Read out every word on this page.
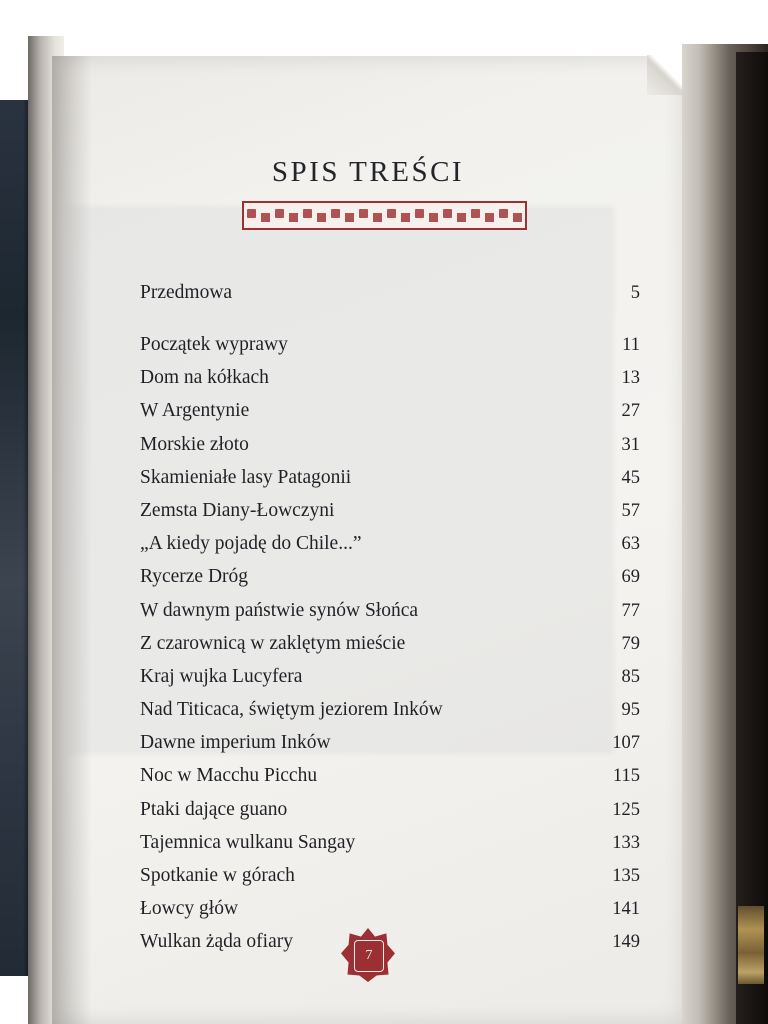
SPIS TREŚCI
Przedmowa	5
Początek wyprawy	11
Dom na kółkach	13
W Argentynie	27
Morskie złoto	31
Skamieniałe lasy Patagonii	45
Zemsta Diany-Łowczyni	57
„A kiedy pojadę do Chile...”	63
Rycerze Dróg	69
W dawnym państwie synów Słońca	77
Z czarownicą w zaklętym mieście	79
Kraj wujka Lucyfera	85
Nad Titicaca, świętym jeziorem Inków	95
Dawne imperium Inków	107
Noc w Macchu Picchu	115
Ptaki dające guano	125
Tajemnica wulkanu Sangay	133
Spotkanie w górach	135
Łowcy głów	141
Wulkan żąda ofiary	149
7
